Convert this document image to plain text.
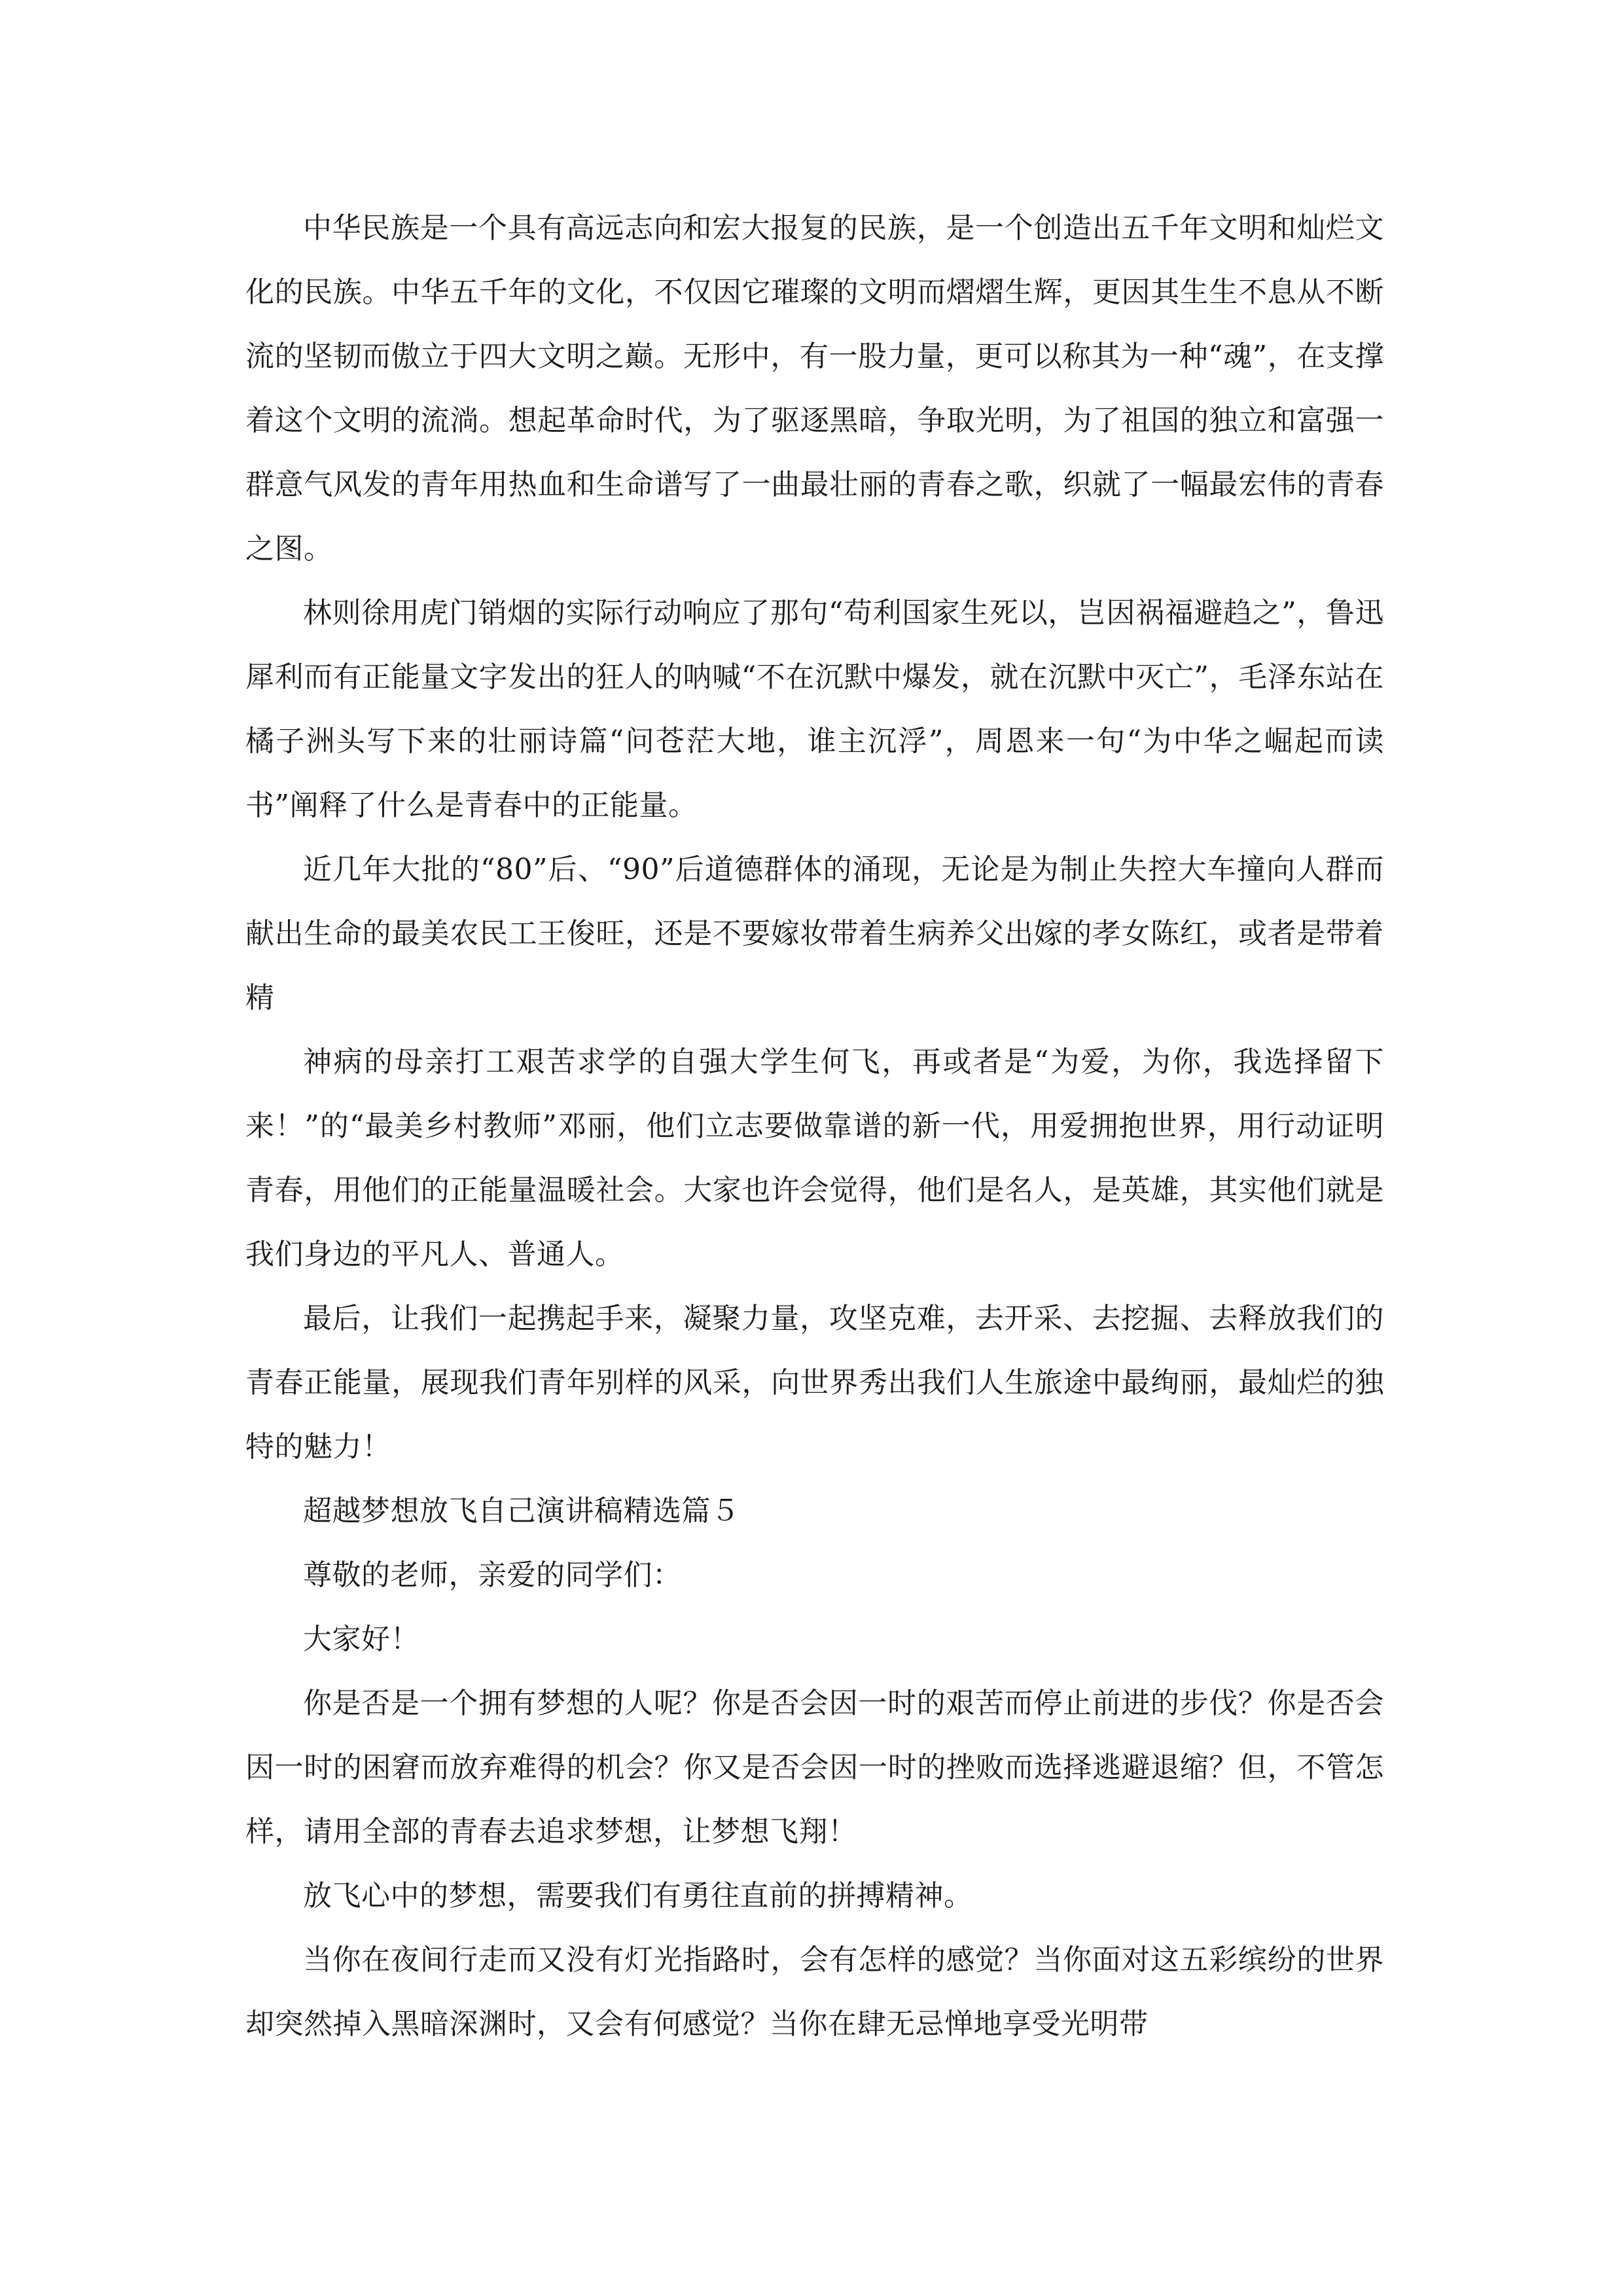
中华民族是一个具有高远志向和宏大报复的民族，是一个创造出五千年文明和灿烂文化的民族。中华五千年的文化，不仅因它璀璨的文明而熠熠生辉，更因其生生不息从不断流的坚韧而傲立于四大文明之巅。无形中，有一股力量，更可以称其为一种“魂”，在支撑着这个文明的流淌。想起革命时代，为了驱逐黑暗，争取光明，为了祖国的独立和富强一群意气风发的青年用热血和生命谱写了一曲最壮丽的青春之歌，织就了一幅最宏伟的青春之图。

林则徐用虎门销烟的实际行动响应了那句“苟利国家生死以，岂因祸福避趋之”，鲁迅犀利而有正能量文字发出的狂人的呐喊“不在沉默中爆发，就在沉默中灭亡”，毛泽东站在橘子洲头写下来的壮丽诗篇“问苍茫大地，谁主沉浮”，周恩来一句“为中华之崛起而读书”阐释了什么是青春中的正能量。

近几年大批的“80”后、“90”后道德群体的涌现，无论是为制止失控大车撞向人群而献出生命的最美农民工王俊旺，还是不要嫁妆带着生病养父出嫁的孝女陈红，或者是带着精

神病的母亲打工艰苦求学的自强大学生何飞，再或者是“为爱，为你，我选择留下来！”的“最美乡村教师”邓丽，他们立志要做靠谱的新一代，用爱拥抱世界，用行动证明青春，用他们的正能量温暖社会。大家也许会觉得，他们是名人，是英雄，其实他们就是我们身边的平凡人、普通人。

最后，让我们一起携起手来，凝聚力量，攻坚克难，去开采、去挖掘、去释放我们的青春正能量，展现我们青年别样的风采，向世界秀出我们人生旅途中最绚丽，最灿烂的独特的魅力！

超越梦想放飞自己演讲稿精选篇５

尊敬的老师，亲爱的同学们：

大家好！

你是否是一个拥有梦想的人呢？你是否会因一时的艰苦而停止前进的步伐？你是否会因一时的困窘而放弃难得的机会？你又是否会因一时的挫败而选择逃避退缩？但，不管怎样，请用全部的青春去追求梦想，让梦想飞翔！

放飞心中的梦想，需要我们有勇往直前的拼搏精神。

当你在夜间行走而又没有灯光指路时，会有怎样的感觉？当你面对这五彩缤纷的世界却突然掉入黑暗深渊时，又会有何感觉？当你在肆无忌惮地享受光明带
